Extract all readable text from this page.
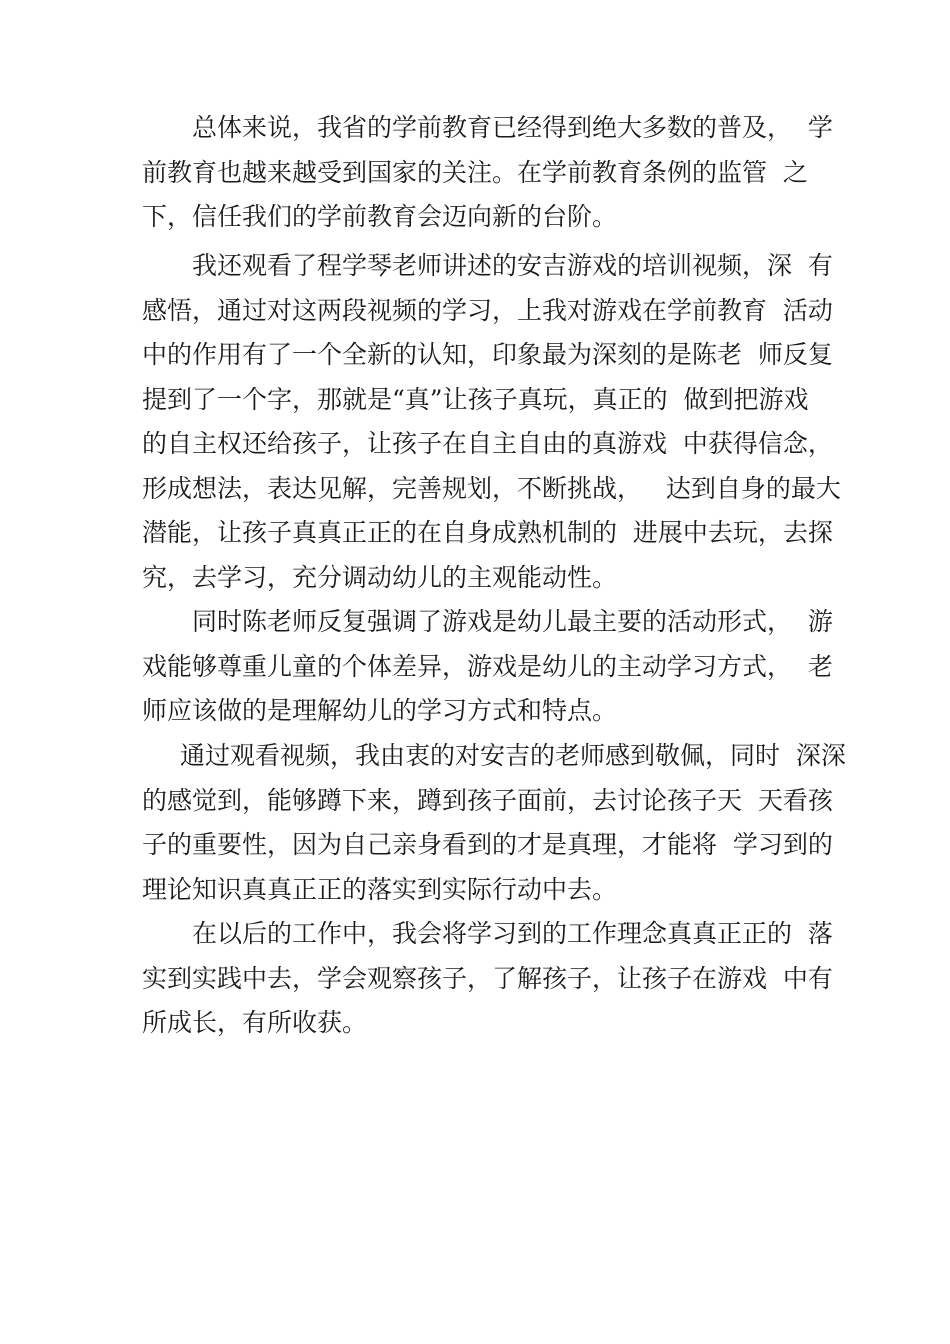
总体来说，我省的学前教育已经得到绝大多数的普及，  学
前教育也越来越受到国家的关注。在学前教育条例的监管  之
下，信任我们的学前教育会迈向新的台阶。
我还观看了程学琴老师讲述的安吉游戏的培训视频，深  有
感悟，通过对这两段视频的学习，上我对游戏在学前教育  活动
中的作用有了一个全新的认知，印象最为深刻的是陈老  师反复
提到了一个字，那就是“真”让孩子真玩，真正的  做到把游戏
的自主权还给孩子，让孩子在自主自由的真游戏  中获得信念，
形成想法，表达见解，完善规划，不断挑战，   达到自身的最大
潜能，让孩子真真正正的在自身成熟机制的  进展中去玩，去探
究，去学习，充分调动幼儿的主观能动性。
同时陈老师反复强调了游戏是幼儿最主要的活动形式，  游
戏能够尊重儿童的个体差异，游戏是幼儿的主动学习方式，  老
师应该做的是理解幼儿的学习方式和特点。
通过观看视频，我由衷的对安吉的老师感到敬佩，同时  深深
的感觉到，能够蹲下来，蹲到孩子面前，去讨论孩子天  天看孩
子的重要性，因为自己亲身看到的才是真理，才能将  学习到的
理论知识真真正正的落实到实际行动中去。
在以后的工作中，我会将学习到的工作理念真真正正的  落
实到实践中去，学会观察孩子，了解孩子，让孩子在游戏  中有
所成长，有所收获。
